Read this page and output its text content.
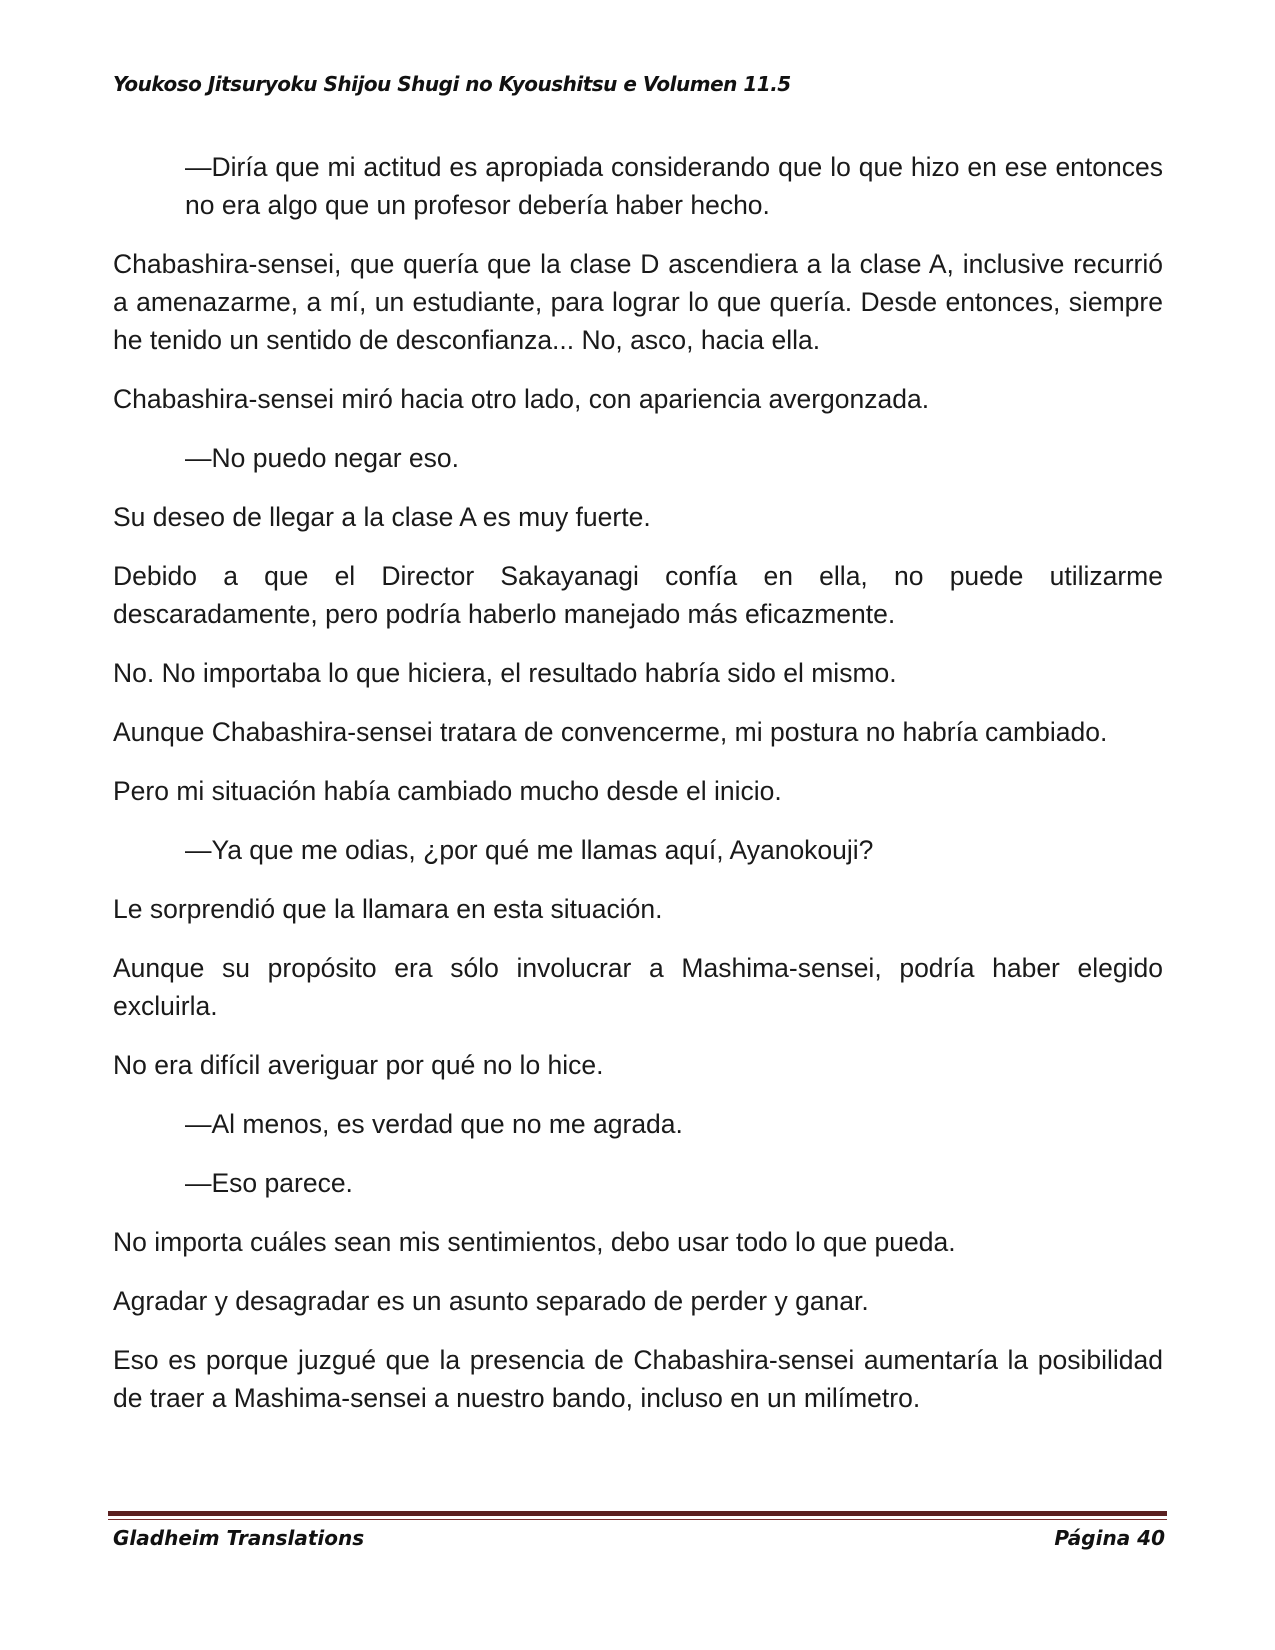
Youkoso Jitsuryoku Shijou Shugi no Kyoushitsu e Volumen 11.5

—Diría que mi actitud es apropiada considerando que lo que hizo en ese entonces no era algo que un profesor debería haber hecho.

Chabashira-sensei, que quería que la clase D ascendiera a la clase A, inclusive recurrió a amenazarme, a mí, un estudiante, para lograr lo que quería. Desde entonces, siempre he tenido un sentido de desconfianza... No, asco, hacia ella.

Chabashira-sensei miró hacia otro lado, con apariencia avergonzada.

—No puedo negar eso.

Su deseo de llegar a la clase A es muy fuerte.

Debido a que el Director Sakayanagi confía en ella, no puede utilizarme descaradamente, pero podría haberlo manejado más eficazmente.

No. No importaba lo que hiciera, el resultado habría sido el mismo.

Aunque Chabashira-sensei tratara de convencerme, mi postura no habría cambiado.

Pero mi situación había cambiado mucho desde el inicio.

—Ya que me odias, ¿por qué me llamas aquí, Ayanokouji?

Le sorprendió que la llamara en esta situación.

Aunque su propósito era sólo involucrar a Mashima-sensei, podría haber elegido excluirla.

No era difícil averiguar por qué no lo hice.

—Al menos, es verdad que no me agrada.

—Eso parece.

No importa cuáles sean mis sentimientos, debo usar todo lo que pueda.

Agradar y desagradar es un asunto separado de perder y ganar.

Eso es porque juzgué que la presencia de Chabashira-sensei aumentaría la posibilidad de traer a Mashima-sensei a nuestro bando, incluso en un milímetro.

Gladheim Translations	Página 40
